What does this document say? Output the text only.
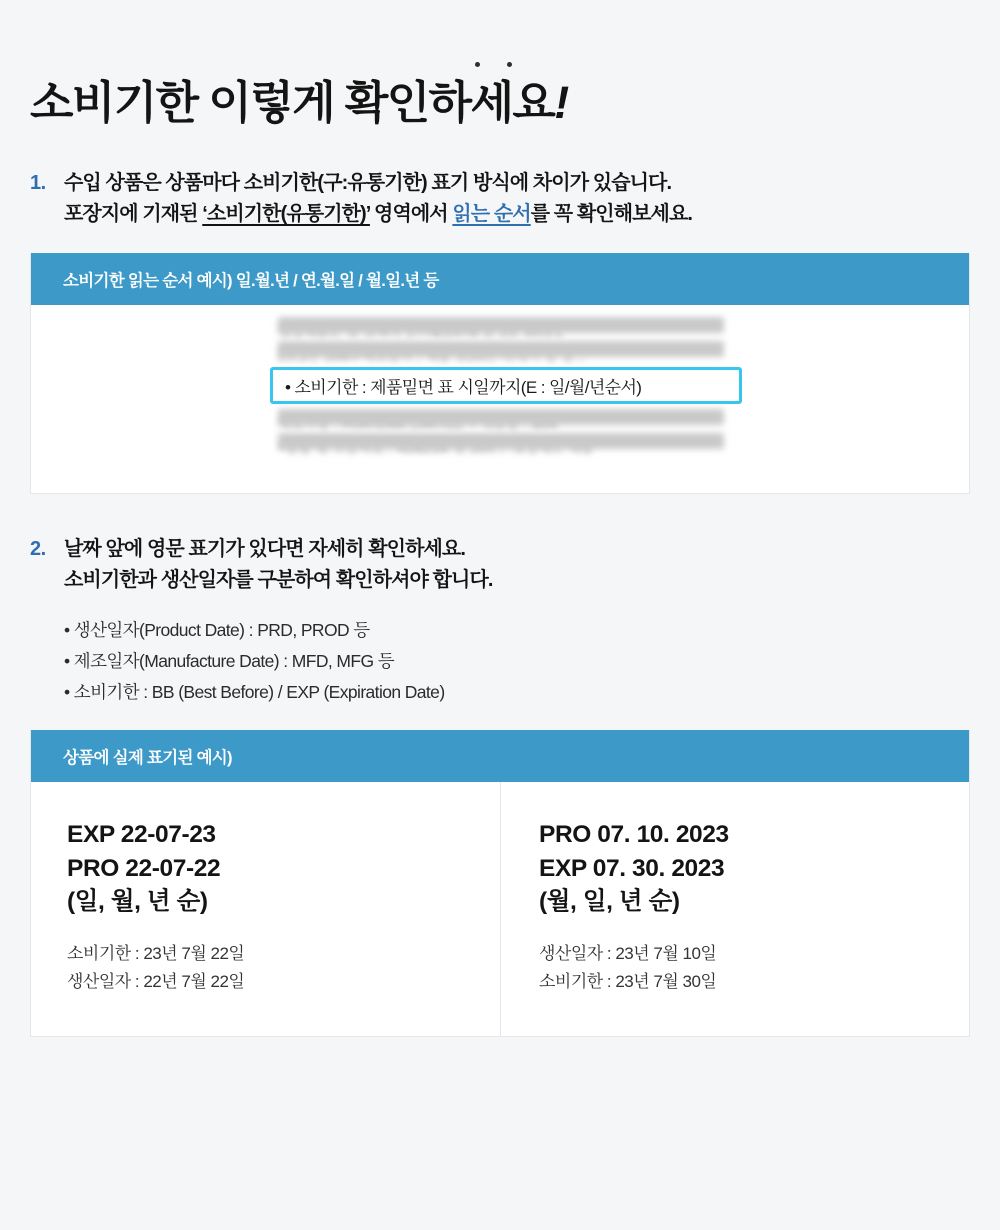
소비기한 이렇게 확인하세요!
1. 수입 상품은 상품마다 소비기한(구:유통기한) 표기 방식에 차이가 있습니다.
포장지에 기재된 ‘소비기한(유통기한)’ 영역에서 읽는 순서를 꼭 확인해보세요.
소비기한 읽는 순서 예시) 일.월.년 / 연.월.일 / 월.일.년 등
• 소비기한 : 제품밑면 표 시일까지(E : 일/월/년순서)
2. 날짜 앞에 영문 표기가 있다면 자세히 확인하세요.
소비기한과 생산일자를 구분하여 확인하셔야 합니다.
• 생산일자(Product Date) : PRD, PROD 등
• 제조일자(Manufacture Date) : MFD, MFG 등
• 소비기한 : BB (Best Before) / EXP (Expiration Date)
상품에 실제 표기된 예시)
EXP 22-07-23
PRO 22-07-22
(일, 월, 년 순)
소비기한 : 23년 7월 22일
생산일자 : 22년 7월 22일
PRO 07. 10. 2023
EXP 07. 30. 2023
(월, 일, 년 순)
생산일자 : 23년 7월 10일
소비기한 : 23년 7월 30일
